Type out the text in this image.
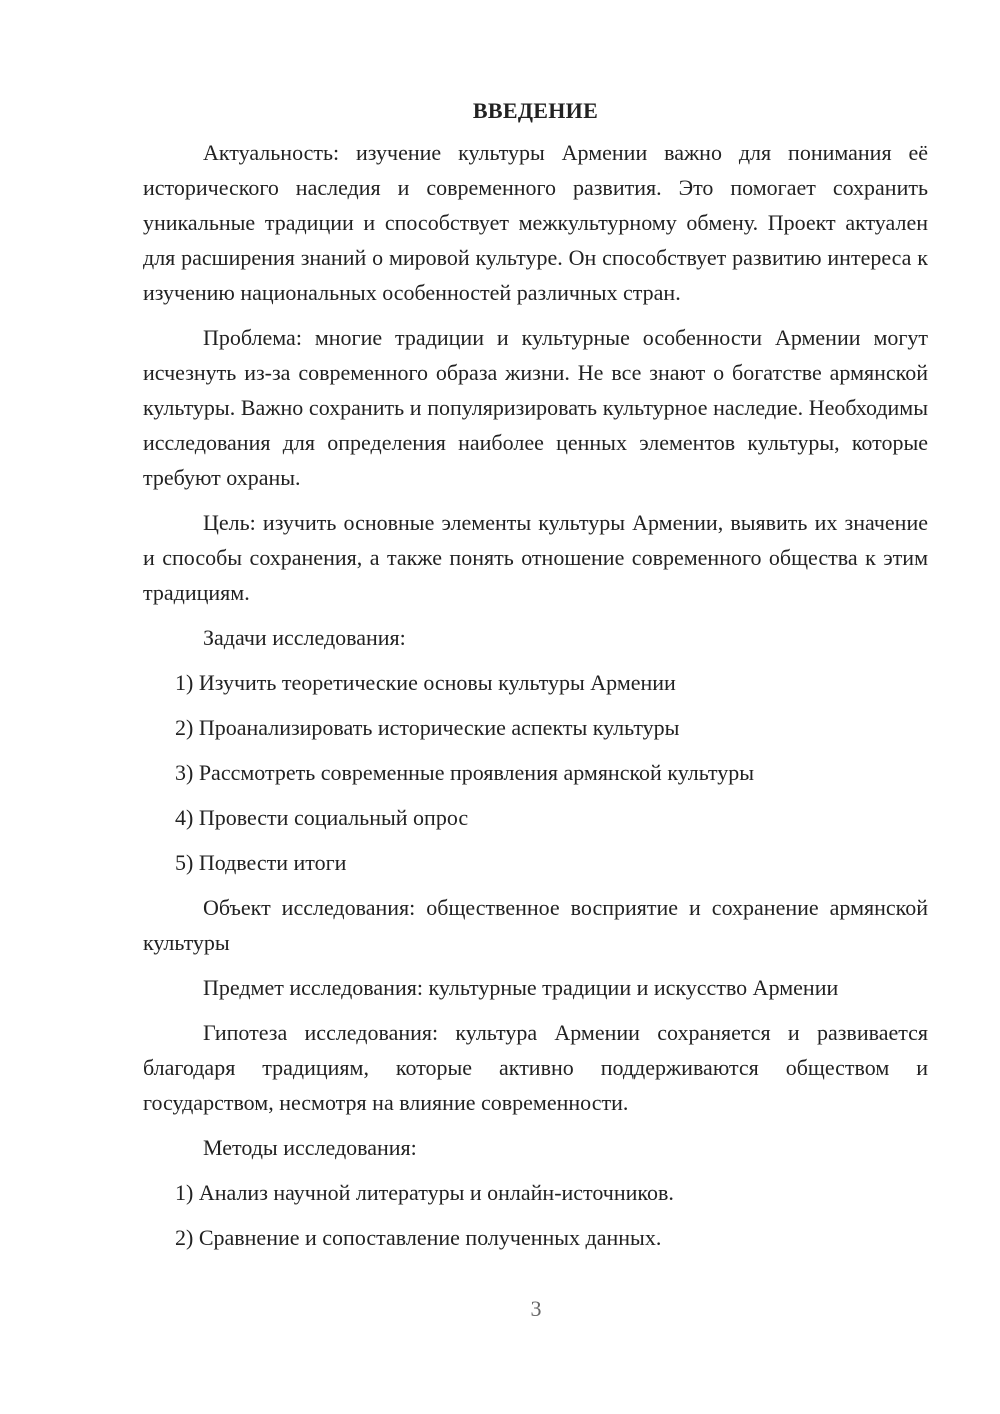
ВВЕДЕНИЕ

Актуальность: изучение культуры Армении важно для понимания её исторического наследия и современного развития. Это помогает сохранить уникальные традиции и способствует межкультурному обмену. Проект актуален для расширения знаний о мировой культуре. Он способствует развитию интереса к изучению национальных особенностей различных стран.

Проблема: многие традиции и культурные особенности Армении могут исчезнуть из-за современного образа жизни. Не все знают о богатстве армянской культуры. Важно сохранить и популяризировать культурное наследие. Необходимы исследования для определения наиболее ценных элементов культуры, которые требуют охраны.

Цель: изучить основные элементы культуры Армении, выявить их значение и способы сохранения, а также понять отношение современного общества к этим традициям.

Задачи исследования:

1) Изучить теоретические основы культуры Армении

2) Проанализировать исторические аспекты культуры

3) Рассмотреть современные проявления армянской культуры

4) Провести социальный опрос

5) Подвести итоги

Объект исследования: общественное восприятие и сохранение армянской культуры

Предмет исследования: культурные традиции и искусство Армении

Гипотеза исследования: культура Армении сохраняется и развивается благодаря традициям, которые активно поддерживаются обществом и государством, несмотря на влияние современности.

Методы исследования:

1) Анализ научной литературы и онлайн-источников.

2) Сравнение и сопоставление полученных данных.

3
